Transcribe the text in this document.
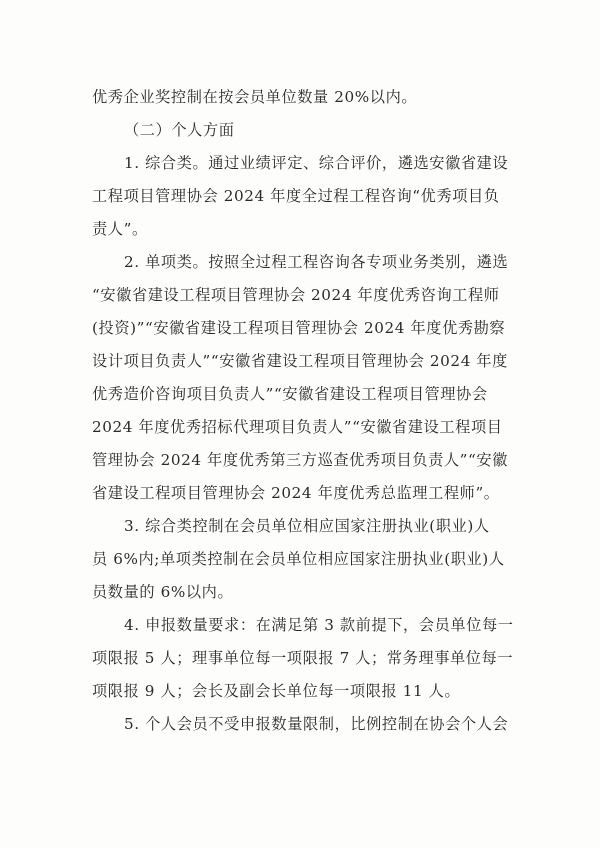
优秀企业奖控制在按会员单位数量 20%以内。

（二）个人方面

1. 综合类。通过业绩评定、综合评价，遴选安徽省建设

工程项目管理协会 2024 年度全过程工程咨询“优秀项目负

责人”。

2. 单项类。按照全过程工程咨询各专项业务类别，遴选

“安徽省建设工程项目管理协会 2024 年度优秀咨询工程师

(投资)”“安徽省建设工程项目管理协会 2024 年度优秀勘察

设计项目负责人”“安徽省建设工程项目管理协会 2024 年度

优秀造价咨询项目负责人”“安徽省建设工程项目管理协会

2024 年度优秀招标代理项目负责人”“安徽省建设工程项目

管理协会 2024 年度优秀第三方巡查优秀项目负责人”“安徽

省建设工程项目管理协会 2024 年度优秀总监理工程师”。

3. 综合类控制在会员单位相应国家注册执业(职业)人

员 6%内;单项类控制在会员单位相应国家注册执业(职业)人

员数量的 6%以内。

4. 申报数量要求：在满足第 3 款前提下，会员单位每一

项限报 5 人；理事单位每一项限报 7 人；常务理事单位每一

项限报 9 人；会长及副会长单位每一项限报 11 人。

5. 个人会员不受申报数量限制，比例控制在协会个人会
